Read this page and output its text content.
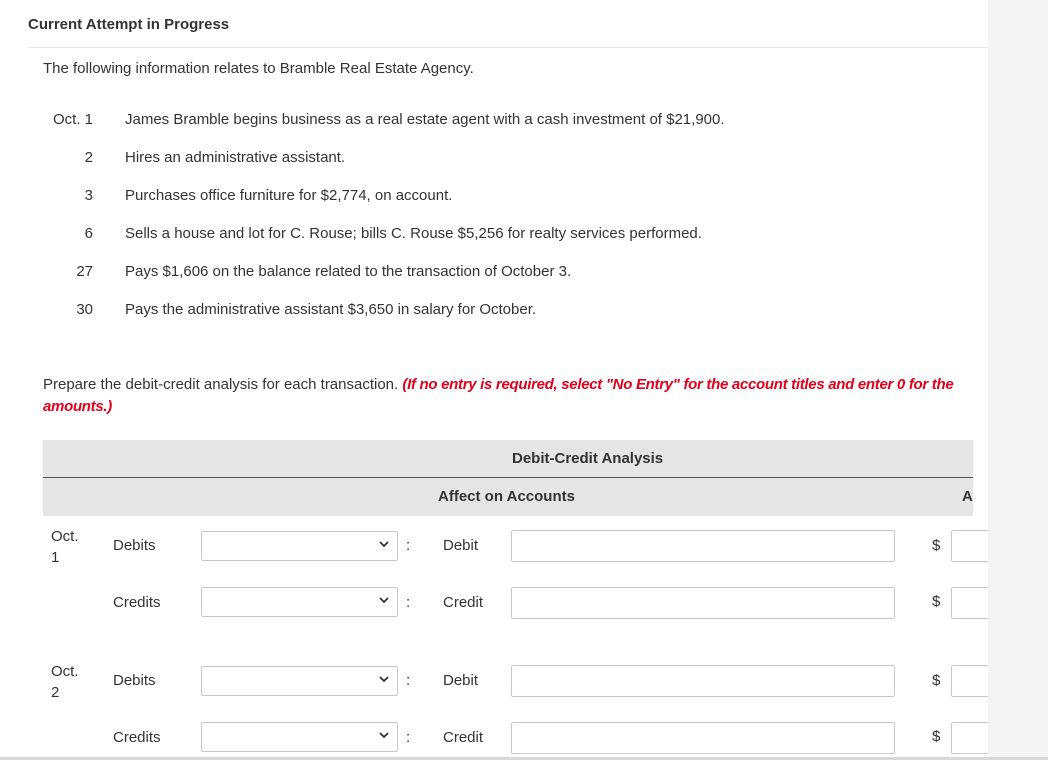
Current Attempt in Progress
The following information relates to Bramble Real Estate Agency.
Oct. 1 James Bramble begins business as a real estate agent with a cash investment of $21,900.
2 Hires an administrative assistant.
3 Purchases office furniture for $2,774, on account.
6 Sells a house and lot for C. Rouse; bills C. Rouse $5,256 for realty services performed.
27 Pays $1,606 on the balance related to the transaction of October 3.
30 Pays the administrative assistant $3,650 in salary for October.
Prepare the debit-credit analysis for each transaction. (If no entry is required, select "No Entry" for the account titles and enter 0 for the amounts.)
Debit-Credit Analysis
Affect on Accounts	A
Oct.
1
Debits	: Debit	$
Credits	: Credit	$
Oct.
2
Debits	: Debit	$
Credits	: Credit	$
